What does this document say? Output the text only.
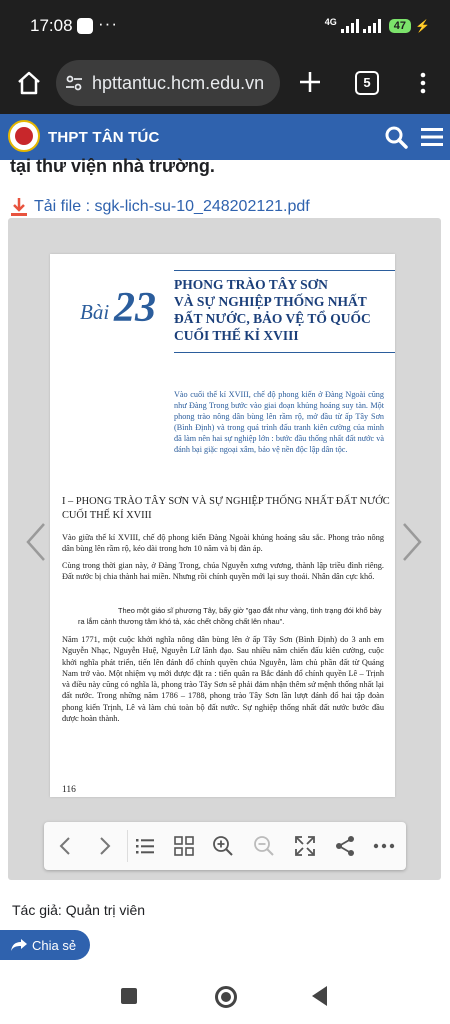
17:08 ···	4G	47 ⚡
hpttantuc.hcm.edu.vn	5
THPT TÂN TÚC
tại thư viện nhà trường.
Tải file : sgk-lich-su-10_248202121.pdf
Bài 23
PHONG TRÀO TÂY SƠN
VÀ SỰ NGHIỆP THỐNG NHẤT
ĐẤT NƯỚC, BẢO VỆ TỔ QUỐC
CUỐI THẾ KỈ XVIII

Vào cuối thế kỉ XVIII, chế độ phong kiến ở Đàng Ngoài cũng như Đàng Trong bước vào giai đoạn khủng hoảng suy tàn. Một phong trào nông dân bùng lên rầm rộ, mở đầu từ ấp Tây Sơn (Bình Định) và trong quá trình đấu tranh kiên cường của mình đã làm nên hai sự nghiệp lớn : bước đầu thống nhất đất nước và đánh bại giặc ngoại xâm, bảo vệ nền độc lập dân tộc.

I – PHONG TRÀO TÂY SƠN VÀ SỰ NGHIỆP THỐNG NHẤT ĐẤT NƯỚC CUỐI THẾ KỈ XVIII

Vào giữa thế kỉ XVIII, chế độ phong kiến Đàng Ngoài khủng hoảng sâu sắc. Phong trào nông dân bùng lên rầm rộ, kéo dài trong hơn 10 năm và bị đàn áp.

Cùng trong thời gian này, ở Đàng Trong, chúa Nguyễn xưng vương, thành lập triều đình riêng. Đất nước bị chia thành hai miền. Nhưng rồi chính quyền mới lại suy thoái. Nhân dân cực khổ.

Theo một giáo sĩ phương Tây, bấy giờ "gạo đắt như vàng, tình trạng đói khổ bày ra lắm cảnh thương tâm khó tả, xác chết chồng chất lên nhau".

Năm 1771, một cuộc khởi nghĩa nông dân bùng lên ở ấp Tây Sơn (Bình Định) do 3 anh em Nguyễn Nhạc, Nguyễn Huệ, Nguyễn Lữ lãnh đạo. Sau nhiều năm chiến đấu kiên cường, cuộc khởi nghĩa phát triển, tiến lên đánh đổ chính quyền chúa Nguyễn, làm chủ phần đất từ Quảng Nam trở vào. Một nhiệm vụ mới được đặt ra : tiến quân ra Bắc đánh đổ chính quyền Lê – Trịnh và điều này cũng có nghĩa là, phong trào Tây Sơn sẽ phải đảm nhận thêm sứ mệnh thống nhất lại đất nước. Trong những năm 1786 – 1788, phong trào Tây Sơn lần lượt đánh đổ hai tập đoàn phong kiến Trịnh, Lê và làm chủ toàn bộ đất nước. Sự nghiệp thống nhất đất nước bước đầu được hoàn thành.

116
Tác giả: Quản trị viên
Chia sẻ
